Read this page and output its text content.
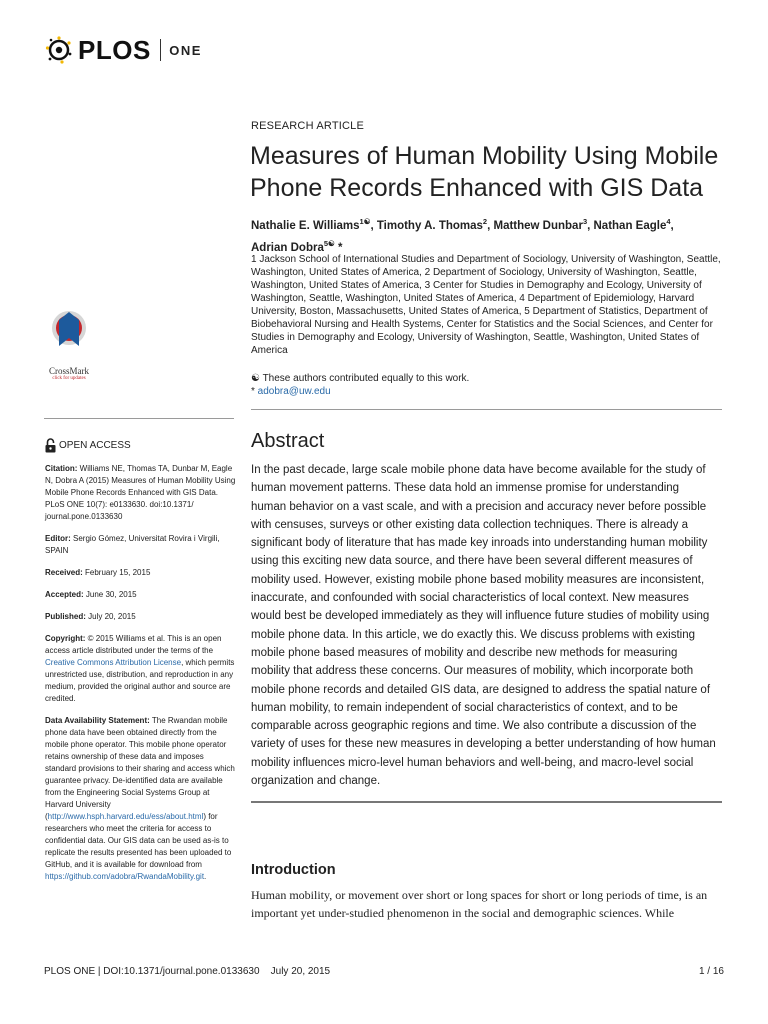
PLOS ONE
RESEARCH ARTICLE
Measures of Human Mobility Using Mobile Phone Records Enhanced with GIS Data
Nathalie E. Williams$^{1☯}$, Timothy A. Thomas$^2$, Matthew Dunbar$^3$, Nathan Eagle$^4$,
Adrian Dobra$^{5☯}$ *
1 Jackson School of International Studies and Department of Sociology, University of Washington, Seattle, Washington, United States of America, 2 Department of Sociology, University of Washington, Seattle, Washington, United States of America, 3 Center for Studies in Demography and Ecology, University of Washington, Seattle, Washington, United States of America, 4 Department of Epidemiology, Harvard University, Boston, Massachusetts, United States of America, 5 Department of Statistics, Department of Biobehavioral Nursing and Health Systems, Center for Statistics and the Social Sciences, and Center for Studies in Demography and Ecology, University of Washington, Seattle, Washington, United States of America
☯ These authors contributed equally to this work.
* adobra@uw.edu
CrossMark
click for updates
OPEN ACCESS

Citation: Williams NE, Thomas TA, Dunbar M, Eagle N, Dobra A (2015) Measures of Human Mobility Using Mobile Phone Records Enhanced with GIS Data. PLoS ONE 10(7): e0133630. doi:10.1371/ journal.pone.0133630

Editor: Sergio Gómez, Universitat Rovira i Virgili, SPAIN

Received: February 15, 2015

Accepted: June 30, 2015

Published: July 20, 2015

Copyright: © 2015 Williams et al. This is an open access article distributed under the terms of the Creative Commons Attribution License, which permits unrestricted use, distribution, and reproduction in any medium, provided the original author and source are credited.

Data Availability Statement: The Rwandan mobile phone data have been obtained directly from the mobile phone operator. This mobile phone operator retains ownership of these data and imposes standard provisions to their sharing and access which guarantee privacy. De-identified data are available from the Engineering Social Systems Group at Harvard University (http://www.hsph.harvard.edu/ess/about.html) for researchers who meet the criteria for access to confidential data. Our GIS data can be used as-is to replicate the results presented has been uploaded to GitHub, and it is available for download from https://github.com/adobra/RwandaMobility.git.

Abstract

In the past decade, large scale mobile phone data have become available for the study of human movement patterns. These data hold an immense promise for understanding human behavior on a vast scale, and with a precision and accuracy never before possible with censuses, surveys or other existing data collection techniques. There is already a significant body of literature that has made key inroads into understanding human mobility using this exciting new data source, and there have been several different measures of mobility used. However, existing mobile phone based mobility measures are inconsistent, inaccurate, and confounded with social characteristics of local context. New measures would best be developed immediately as they will influence future studies of mobility using mobile phone data. In this article, we do exactly this. We discuss problems with existing mobile phone based measures of mobility and describe new methods for measuring mobility that address these concerns. Our measures of mobility, which incorporate both mobile phone records and detailed GIS data, are designed to address the spatial nature of human mobility, to remain independent of social characteristics of context, and to be comparable across geographic regions and time. We also contribute a discussion of the variety of uses for these new measures in developing a better understanding of how human mobility influences micro-level human behaviors and well-being, and macro-level social organization and change.

Introduction

Human mobility, or movement over short or long spaces for short or long periods of time, is an important yet under-studied phenomenon in the social and demographic sciences. While

PLOS ONE | DOI:10.1371/journal.pone.0133630    July 20, 2015	1 / 16
